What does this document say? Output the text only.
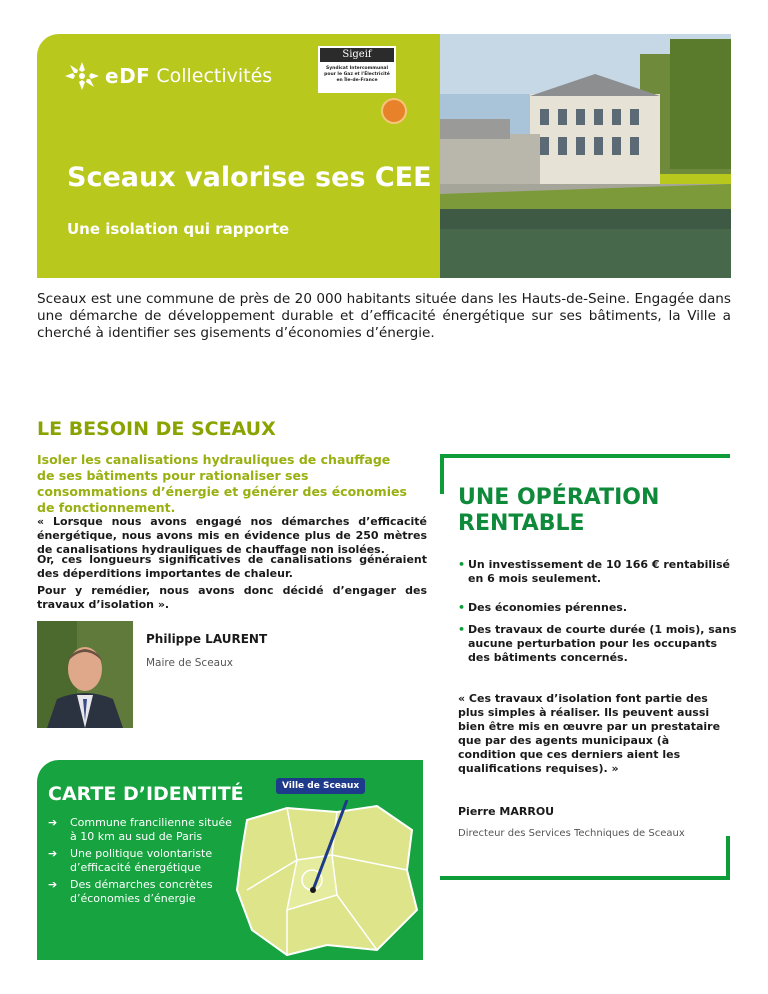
eDF Collectivités
Sigeif
Syndicat Intercommunal
pour le Gaz et l'Électricité
en Île-de-France
Sceaux valorise ses CEE
Une isolation qui rapporte

Sceaux est une commune de près de 20 000 habitants située dans les Hauts-de-Seine. Engagée dans une démarche de développement durable et d’efficacité énergétique sur ses bâtiments, la Ville a cherché à identifier ses gisements d’économies d’énergie.

LE BESOIN DE SCEAUX

Isoler les canalisations hydrauliques de chauffage de ses bâtiments pour rationaliser ses consommations d’énergie et générer des économies de fonctionnement.

« Lorsque nous avons engagé nos démarches d’efficacité énergétique, nous avons mis en évidence plus de 250 mètres de canalisations hydrauliques de chauffage non isolées.

Or, ces longueurs significatives de canalisations généraient des déperditions importantes de chaleur.

Pour y remédier, nous avons donc décidé d’engager des travaux d’isolation ».

Philippe LAURENT

Maire de Sceaux

Ville de Sceaux
CARTE D’IDENTITÉ
➔ Commune francilienne située à 10 km au sud de Paris
➔ Une politique volontariste d’efficacité énergétique
➔ Des démarches concrètes d’économies d’énergie
UNE OPÉRATION
RENTABLE

• Un investissement de 10 166 € rentabilisé en 6 mois seulement.

• Des économies pérennes.

• Des travaux de courte durée (1 mois), sans aucune perturbation pour les occupants des bâtiments concernés.

« Ces travaux d’isolation font partie des plus simples à réaliser. Ils peuvent aussi bien être mis en œuvre par un prestataire que par des agents municipaux (à condition que ces derniers aient les qualifications requises). »

Pierre MARROU

Directeur des Services Techniques de Sceaux
